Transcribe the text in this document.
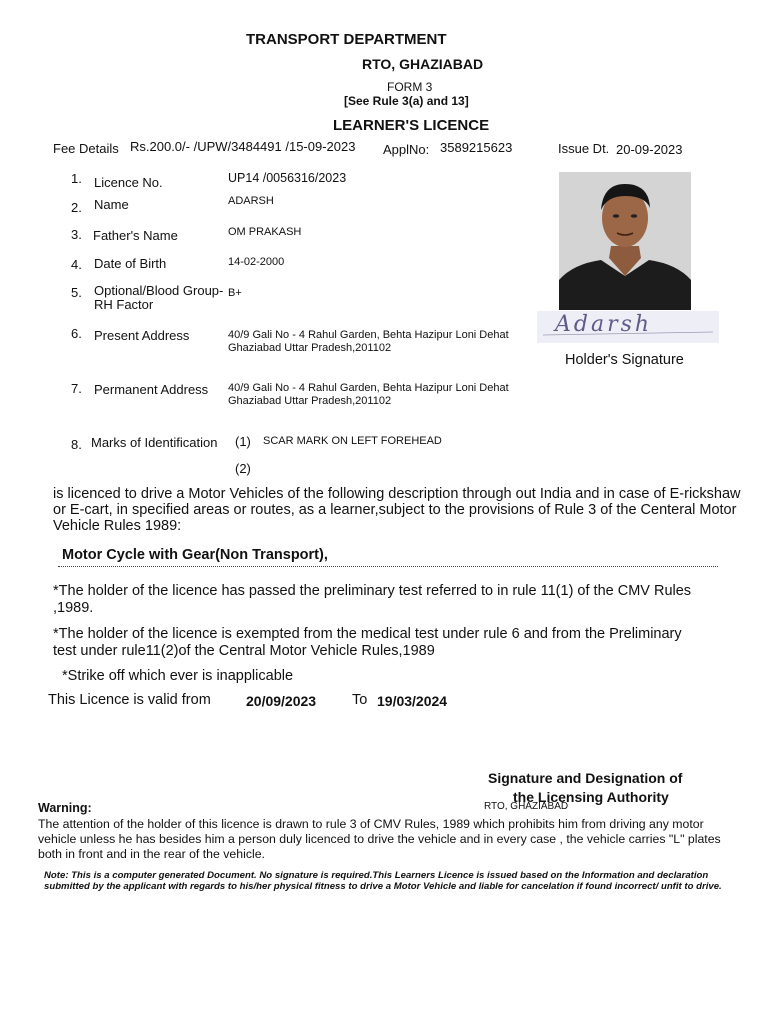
TRANSPORT DEPARTMENT
RTO, GHAZIABAD
FORM 3
[See Rule 3(a) and 13]
LEARNER'S LICENCE
Fee Details Rs.200.0/- /UPW/3484491 /15-09-2023 ApplNo: 3589215623	Issue Dt. 20-09-2023
1. Licence No.	UP14 /0056316/2023
2. Name	ADARSH
3. Father's Name	OM PRAKASH
4. Date of Birth	14-02-2000
5. Optional/Blood Group-
RH Factor
B+
6. Present Address	40/9 Gali No - 4 Rahul Garden, Behta Hazipur Loni Dehat
Ghaziabad Uttar Pradesh,201102
7. Permanent Address 40/9 Gali No - 4 Rahul Garden, Behta Hazipur Loni Dehat
Ghaziabad Uttar Pradesh,201102
8. Marks of Identification (1) SCAR MARK ON LEFT FOREHEAD
(2)
Adarsh
Holder's Signature
is licenced to drive a Motor Vehicles of the following description through out India and in case of E-rickshaw or E-cart, in specified areas or routes, as a learner,subject to the provisions of Rule 3 of the Centeral Motor Vehicle Rules 1989:
Motor Cycle with Gear(Non Transport),
*The holder of the licence has passed the preliminary test referred to in rule 11(1) of the CMV Rules ,1989.
*The holder of the licence is exempted from the medical test under rule 6 and from the Preliminary test under rule11(2)of the Central Motor Vehicle Rules,1989
*Strike off which ever is inapplicable
This Licence is valid from	20/09/2023 To 19/03/2024
Signature and Designation of
the Licensing Authority
RTO, GHAZIABAD
Warning:
The attention of the holder of this licence is drawn to rule 3 of CMV Rules, 1989 which prohibits him from driving any motor vehicle unless he has besides him a person duly licenced to drive the vehicle and in every case , the vehicle carries "L" plates both in front and in the rear of the vehicle.
Note: This is a computer generated Document. No signature is required.This Learners Licence is issued based on the Information and declaration submitted by the applicant with regards to his/her physical fitness to drive a Motor Vehicle and liable for cancelation if found incorrect/ unfit to drive.
